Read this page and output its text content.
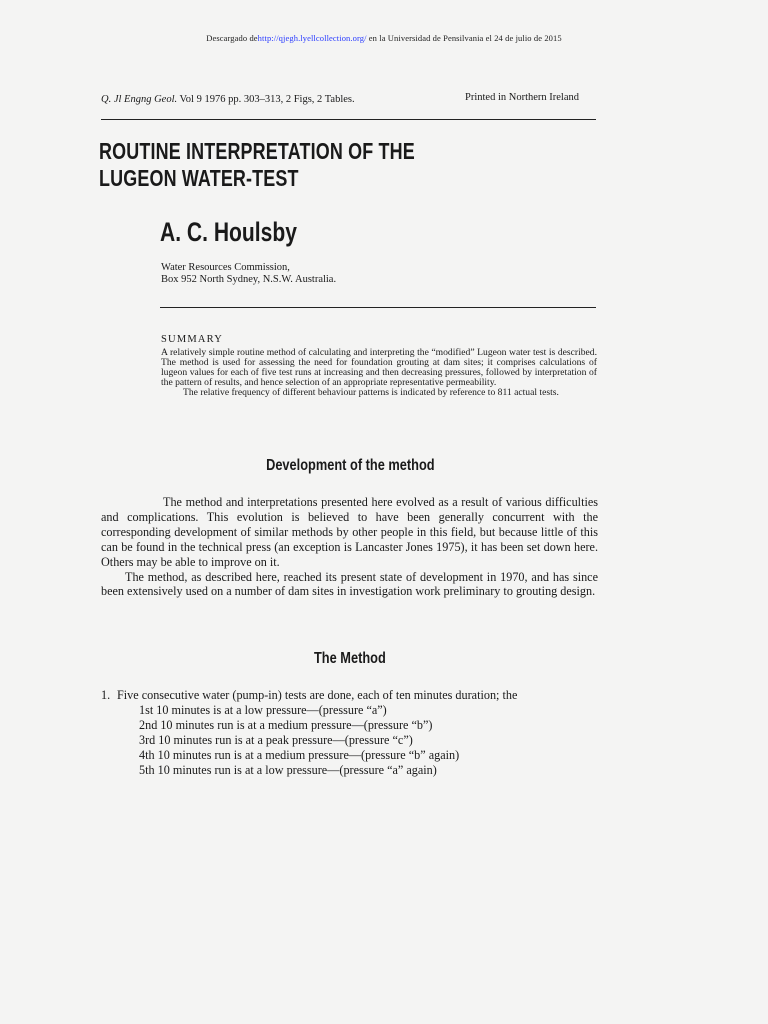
Descargado dehttp://qjegh.lyellcollection.org/ en la Universidad de Pensilvania el 24 de julio de 2015
Q. Jl Engng Geol. Vol 9 1976 pp. 303–313, 2 Figs, 2 Tables.	Printed in Northern Ireland
ROUTINE INTERPRETATION OF THE
LUGEON WATER-TEST
A. C. Houlsby
Water Resources Commission,
Box 952 North Sydney, N.S.W. Australia.
SUMMARY

A relatively simple routine method of calculating and interpreting the “modified” Lugeon water test is described. The method is used for assessing the need for foundation grouting at dam sites; it comprises calculations of lugeon values for each of five test runs at increasing and then decreasing pressures, followed by interpretation of the pattern of results, and hence selection of an appropriate representative permeability.

The relative frequency of different behaviour patterns is indicated by reference to 811 actual tests.

Development of the method

The method and interpretations presented here evolved as a result of various difficulties and complications. This evolution is believed to have been generally concurrent with the corresponding development of similar methods by other people in this field, but because little of this can be found in the technical press (an exception is Lancaster Jones 1975), it has been set down here. Others may be able to improve on it.

The method, as described here, reached its present state of development in 1970, and has since been extensively used on a number of dam sites in investigation work preliminary to grouting design.

The Method
1. Five consecutive water (pump-in) tests are done, each of ten minutes duration; the
1st 10 minutes is at a low pressure—(pressure “a”)
2nd 10 minutes run is at a medium pressure—(pressure “b”)
3rd 10 minutes run is at a peak pressure—(pressure “c”)
4th 10 minutes run is at a medium pressure—(pressure “b” again)
5th 10 minutes run is at a low pressure—(pressure “a” again)
